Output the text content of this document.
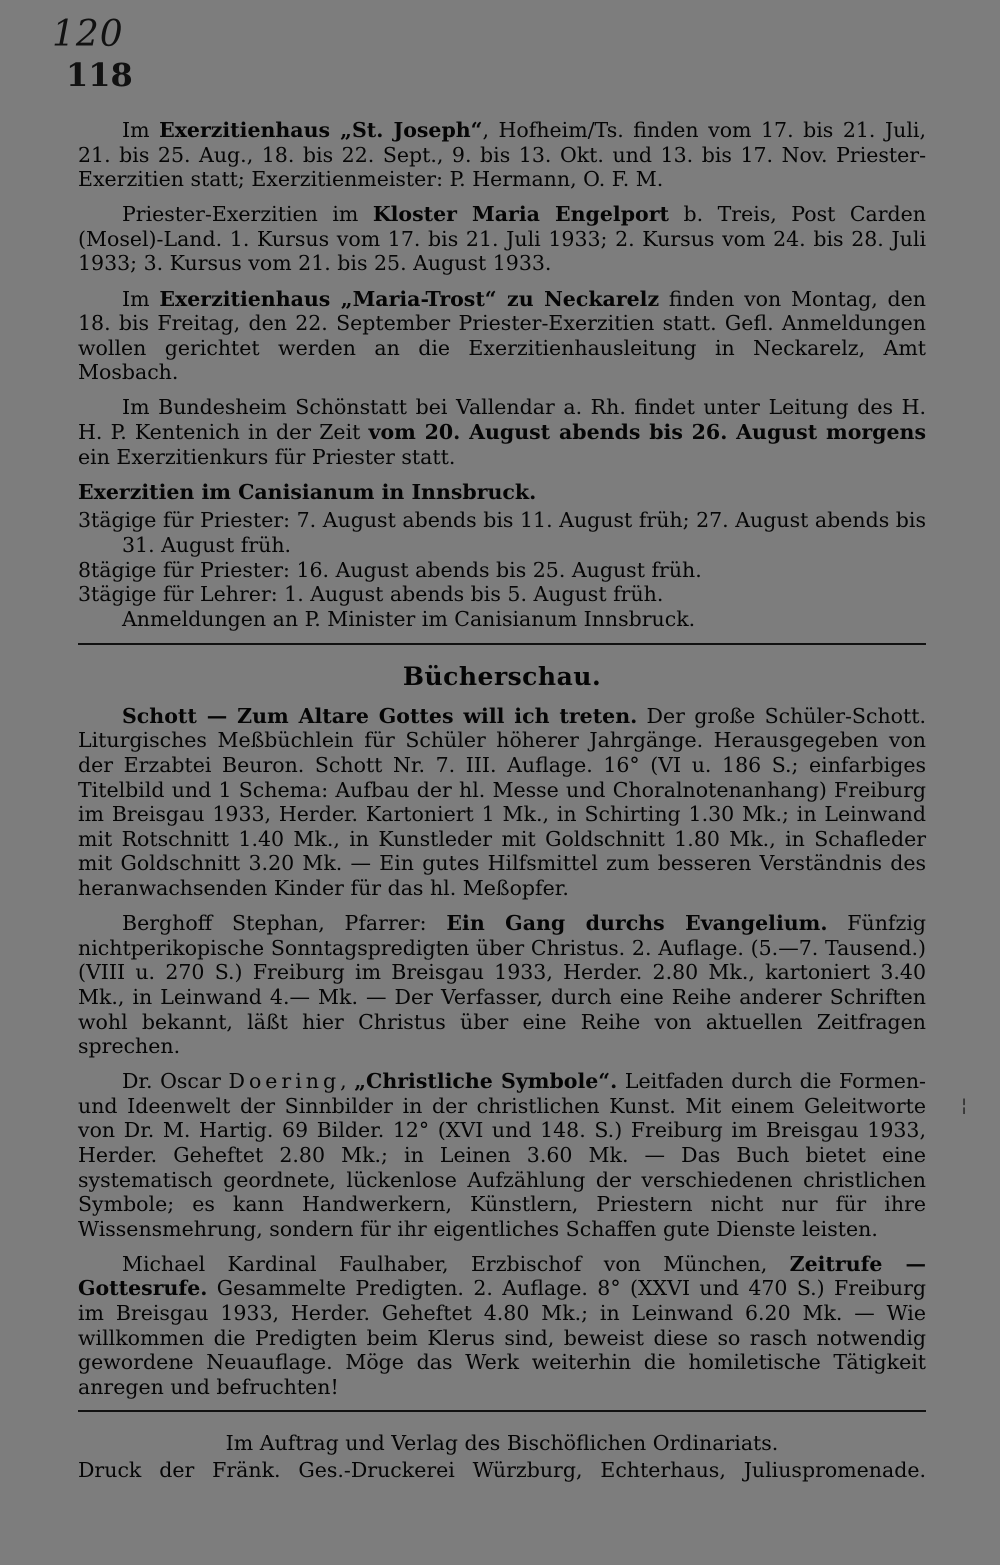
120
118

Im Exerzitienhaus „St. Joseph“, Hofheim/Ts. finden vom 17. bis 21. Juli, 21. bis 25. Aug., 18. bis 22. Sept., 9. bis 13. Okt. und 13. bis 17. Nov. Priester-Exerzitien statt; Exerzitienmeister: P. Hermann, O. F. M.

Priester-Exerzitien im Kloster Maria Engelport b. Treis, Post Carden (Mosel)-Land. 1. Kursus vom 17. bis 21. Juli 1933; 2. Kursus vom 24. bis 28. Juli 1933; 3. Kursus vom 21. bis 25. August 1933.

Im Exerzitienhaus „Maria-Trost“ zu Neckarelz finden von Montag, den 18. bis Freitag, den 22. September Priester-Exerzitien statt. Gefl. Anmeldungen wollen gerichtet werden an die Exerzitienhausleitung in Neckarelz, Amt Mosbach.

Im Bundesheim Schönstatt bei Vallendar a. Rh. findet unter Leitung des H. H. P. Kentenich in der Zeit vom 20. August abends bis 26. August morgens ein Exerzitienkurs für Priester statt.

Exerzitien im Canisianum in Innsbruck.

3tägige für Priester: 7. August abends bis 11. August früh; 27. August abends bis 31. August früh.

8tägige für Priester: 16. August abends bis 25. August früh.

3tägige für Lehrer: 1. August abends bis 5. August früh.

Anmeldungen an P. Minister im Canisianum Innsbruck.

Bücherschau.

Schott — Zum Altare Gottes will ich treten. Der große Schüler-Schott. Liturgisches Meßbüchlein für Schüler höherer Jahrgänge. Herausgegeben von der Erzabtei Beuron. Schott Nr. 7. III. Auflage. 16° (VI u. 186 S.; einfarbiges Titelbild und 1 Schema: Aufbau der hl. Messe und Choralnotenanhang) Freiburg im Breisgau 1933, Herder. Kartoniert 1 Mk., in Schirting 1.30 Mk.; in Leinwand mit Rotschnitt 1.40 Mk., in Kunstleder mit Goldschnitt 1.80 Mk., in Schafleder mit Goldschnitt 3.20 Mk. — Ein gutes Hilfsmittel zum besseren Verständnis des heranwachsenden Kinder für das hl. Meßopfer.

Berghoff Stephan, Pfarrer: Ein Gang durchs Evangelium. Fünfzig nichtperikopische Sonntagspredigten über Christus. 2. Auflage. (5.—7. Tausend.) (VIII u. 270 S.) Freiburg im Breisgau 1933, Herder. 2.80 Mk., kartoniert 3.40 Mk., in Leinwand 4.— Mk. — Der Verfasser, durch eine Reihe anderer Schriften wohl bekannt, läßt hier Christus über eine Reihe von aktuellen Zeitfragen sprechen.

Dr. Oscar Doering, „Christliche Symbole“. Leitfaden durch die Formen- und Ideenwelt der Sinnbilder in der christlichen Kunst. Mit einem Geleitworte von Dr. M. Hartig. 69 Bilder. 12° (XVI und 148. S.) Freiburg im Breisgau 1933, Herder. Geheftet 2.80 Mk.; in Leinen 3.60 Mk. — Das Buch bietet eine systematisch geordnete, lückenlose Aufzählung der verschiedenen christlichen Symbole; es kann Handwerkern, Künstlern, Priestern nicht nur für ihre Wissensmehrung, sondern für ihr eigentliches Schaffen gute Dienste leisten.

Michael Kardinal Faulhaber, Erzbischof von München, Zeitrufe — Gottesrufe. Gesammelte Predigten. 2. Auflage. 8° (XXVI und 470 S.) Freiburg im Breisgau 1933, Herder. Geheftet 4.80 Mk.; in Leinwand 6.20 Mk. — Wie willkommen die Predigten beim Klerus sind, beweist diese so rasch notwendig gewordene Neuauflage. Möge das Werk weiterhin die homiletische Tätigkeit anregen und befruchten!

Im Auftrag und Verlag des Bischöflichen Ordinariats.

Druck der Fränk. Ges.-Druckerei Würzburg, Echterhaus, Juliuspromenade.

¦
